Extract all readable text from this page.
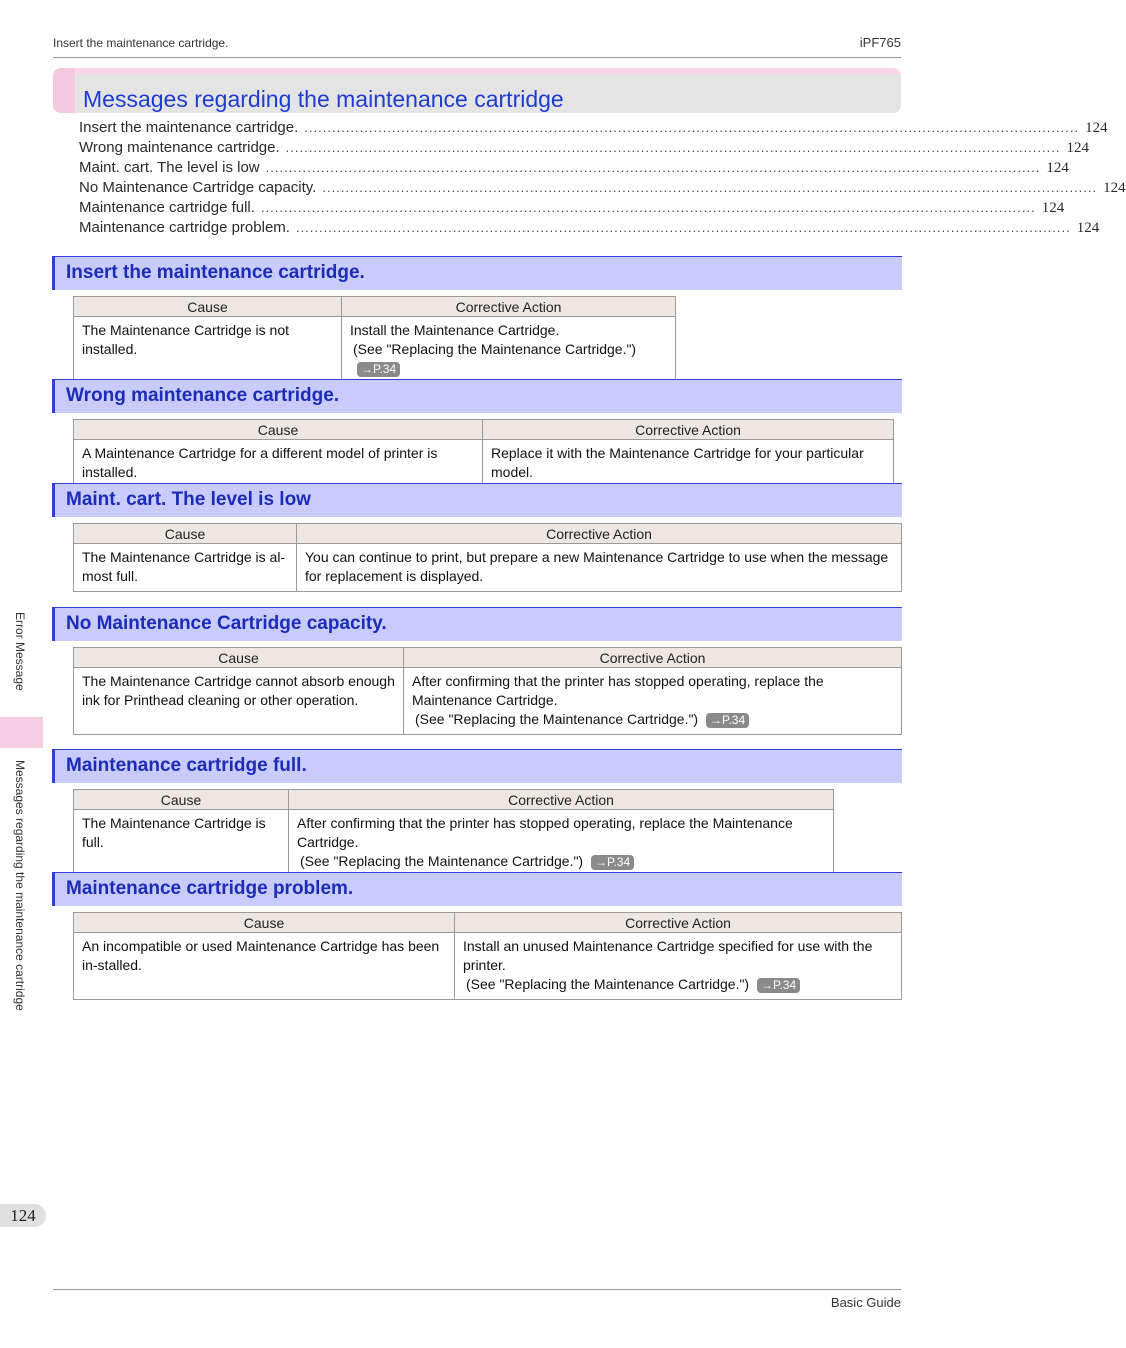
Insert the maintenance cartridge.	iPF765
Messages regarding the maintenance cartridge
Insert the maintenance cartridge. ........................................................................................................................................................................ 124
Wrong maintenance cartridge. ........................................................................................................................................................................ 124
Maint. cart. The level is low ........................................................................................................................................................................ 124
No Maintenance Cartridge capacity. ........................................................................................................................................................................ 124
Maintenance cartridge full. ........................................................................................................................................................................ 124
Maintenance cartridge problem. ........................................................................................................................................................................ 124
Insert the maintenance cartridge.
Cause	Corrective Action
The Maintenance Cartridge is not installed.	Install the Maintenance Cartridge.
(See "Replacing the Maintenance Cartridge.") →P.34
Wrong maintenance cartridge.
Cause	Corrective Action
A Maintenance Cartridge for a different model of printer is installed.	Replace it with the Maintenance Cartridge for your particular model.
Maint. cart. The level is low
Cause	Corrective Action
The Maintenance Cartridge is al-most full.	You can continue to print, but prepare a new Maintenance Cartridge to use when the message for replacement is displayed.
No Maintenance Cartridge capacity.
Cause	Corrective Action
The Maintenance Cartridge cannot absorb enough ink for Printhead cleaning or other operation.	After confirming that the printer has stopped operating, replace the Maintenance Cartridge.
(See "Replacing the Maintenance Cartridge.") →P.34
Maintenance cartridge full.
Cause	Corrective Action
The Maintenance Cartridge is full.	After confirming that the printer has stopped operating, replace the Maintenance Cartridge.
(See "Replacing the Maintenance Cartridge.") →P.34
Maintenance cartridge problem.
Cause	Corrective Action
An incompatible or used Maintenance Cartridge has been in-stalled.	Install an unused Maintenance Cartridge specified for use with the printer.
(See "Replacing the Maintenance Cartridge.") →P.34
Error Message
Messages regarding the maintenance cartridge
124
Basic Guide
